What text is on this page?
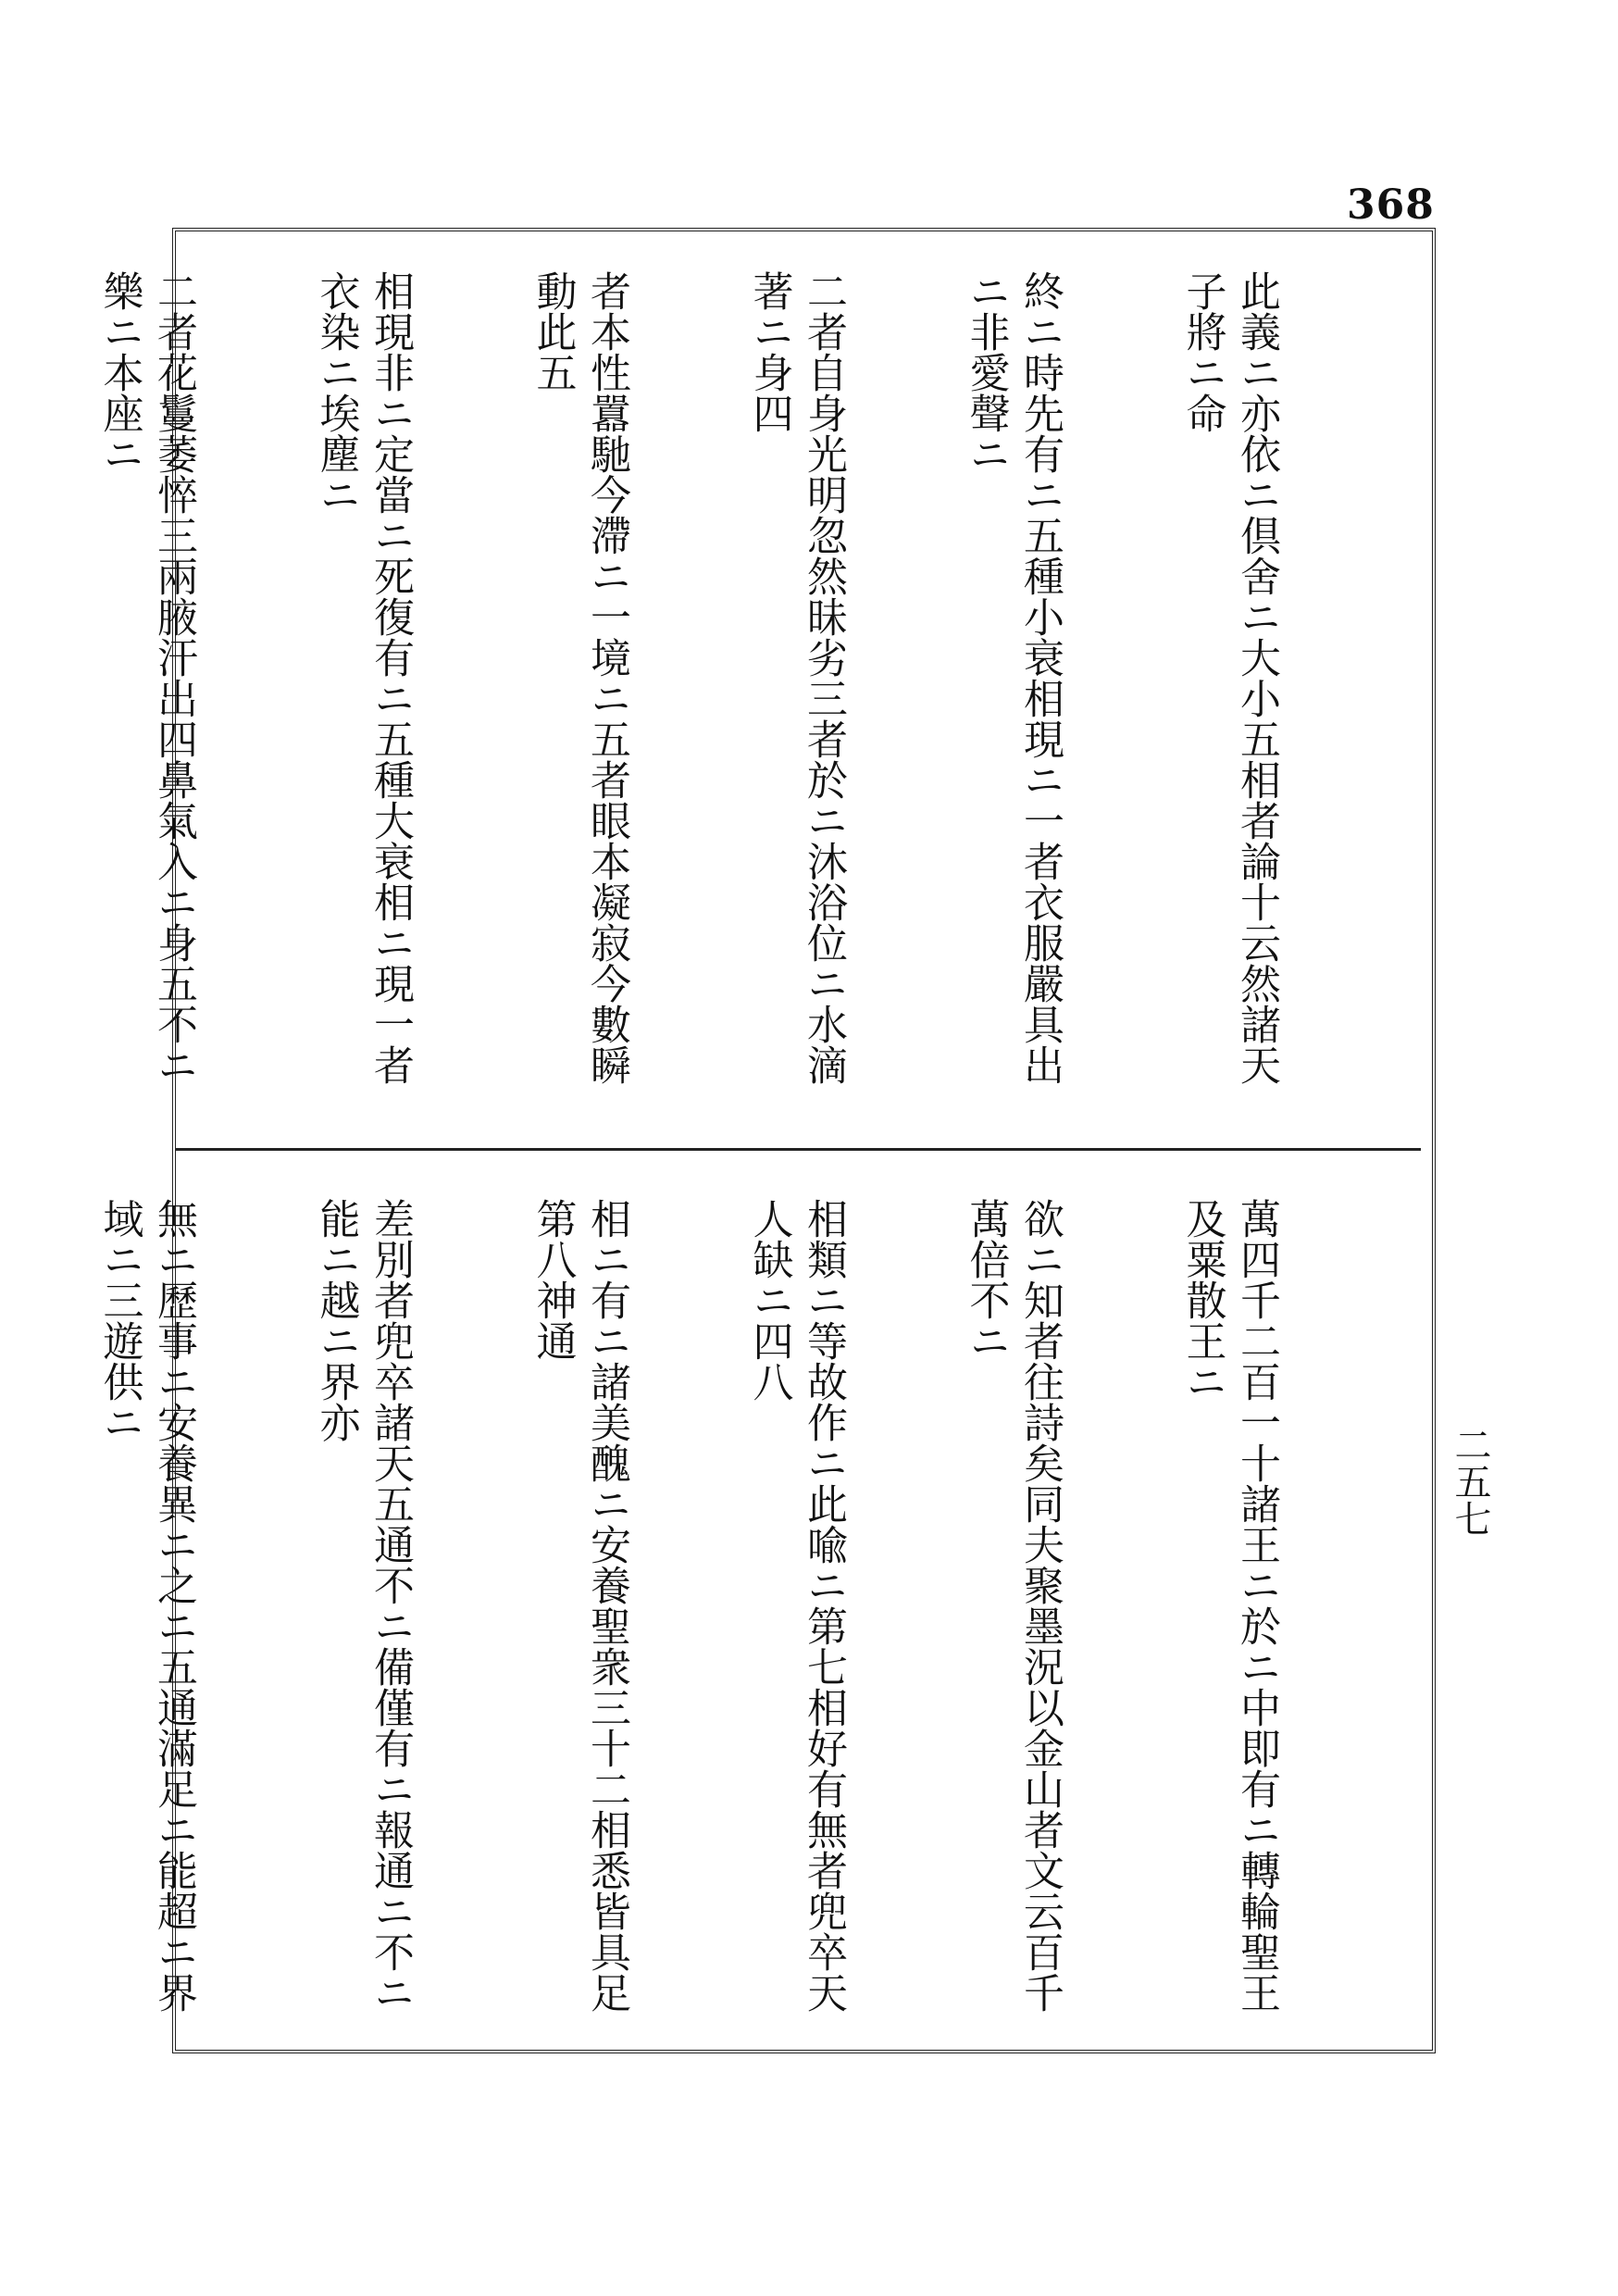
368

此義ニ亦依ニ倶舍ニ大小五相者論十云然諸天子將ニ命

終ニ時先有ニ五種小衰相現ニ一者衣服嚴具出ニ非愛聲ニ

二者自身光明忽然昧劣三者於ニ沐浴位ニ水滴著ニ身四

者本性囂馳今滯ニ一境ニ五者眼本凝寂今數瞬動此五

相現非ニ定當ニ死復有ニ五種大衰相ニ現一者衣染ニ埃塵ニ

二者花鬘萎悴三兩腋汗出四鼻氣入ニ身五不ニ樂ニ本座ニ

萬四千二百一十諸王ニ於ニ中即有ニ轉輪聖王及粟散王ニ

欲ニ知者往詩矣同夫聚墨況以金山者文云百千萬倍不ニ

相類ニ等故作ニ此喩ニ第七相好有無者兜卒天人缺ニ四八

相ニ有ニ諸美醜ニ安養聖衆三十二相悉皆具足第八神通

差別者兜卒諸天五通不ニ備僅有ニ報通ニ不ニ能ニ越ニ界亦

無ニ歷事ニ安養異ニ之ニ五通滿足ニ能超ニ界域ニ三遊供ニ

二五七
